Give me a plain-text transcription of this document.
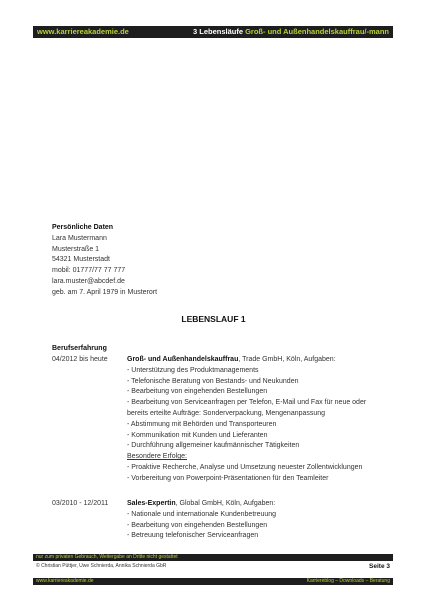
www.karriereakademie.de	3 Lebensläufe Groß- und Außenhandelskauffrau/-mann
Persönliche Daten
Lara Mustermann
Musterstraße 1
54321 Musterstadt
mobil: 01777/77 77 777
lara.muster@abcdef.de
geb. am 7. April 1979 in Musterort
LEBENSLAUF 1
Berufserfahrung
04/2012 bis heute	Groß- und Außenhandelskauffrau, Trade GmbH, Köln, Aufgaben:
- Unterstützung des Produktmanagements
- Telefonische Beratung von Bestands- und Neukunden
- Bearbeitung von eingehenden Bestellungen
- Bearbeitung von Serviceanfragen per Telefon, E-Mail und Fax für neue oder
bereits erteilte Aufträge: Sonderverpackung, Mengenanpassung
- Abstimmung mit Behörden und Transporteuren
- Kommunikation mit Kunden und Lieferanten
- Durchführung allgemeiner kaufmännischer Tätigkeiten
Besondere Erfolge:
- Proaktive Recherche, Analyse und Umsetzung neuester Zollentwicklungen
- Vorbereitung von Powerpoint-Präsentationen für den Teamleiter
03/2010 - 12/2011	Sales-Expertin, Global GmbH, Köln, Aufgaben:
- Nationale und internationale Kundenbetreuung
- Bearbeitung von eingehenden Bestellungen
- Betreuung telefonischer Serviceanfragen
nur zum privaten Gebrauch, Weitergabe an Dritte nicht gestattet
© Christian Püttjer, Uwe Schnierda, Annika Schnierda GbR	Seite 3
www.karriereakademie.de	Karriereblog – Downloads – Beratung
